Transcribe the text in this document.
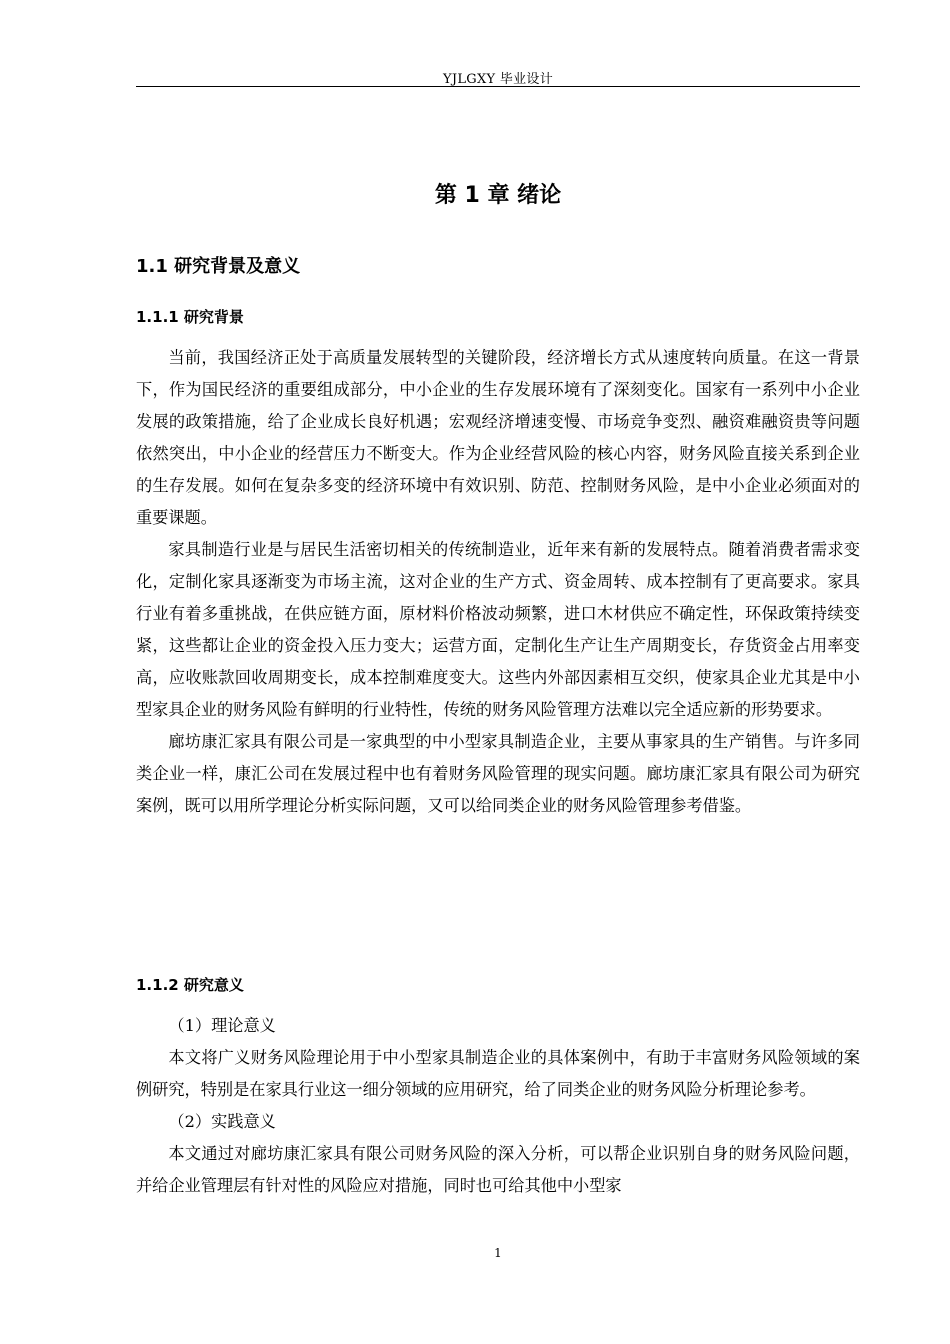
YJLGXY 毕业设计
第 1 章 绪论
1.1 研究背景及意义
1.1.1 研究背景

当前，我国经济正处于高质量发展转型的关键阶段，经济增长方式从速度转向质量。在这一背景下，作为国民经济的重要组成部分，中小企业的生存发展环境有了深刻变化。国家有一系列中小企业发展的政策措施，给了企业成长良好机遇；宏观经济增速变慢、市场竞争变烈、融资难融资贵等问题依然突出，中小企业的经营压力不断变大。作为企业经营风险的核心内容，财务风险直接关系到企业的生存发展。如何在复杂多变的经济环境中有效识别、防范、控制财务风险，是中小企业必须面对的重要课题。

家具制造行业是与居民生活密切相关的传统制造业，近年来有新的发展特点。随着消费者需求变化，定制化家具逐渐变为市场主流，这对企业的生产方式、资金周转、成本控制有了更高要求。家具行业有着多重挑战，在供应链方面，原材料价格波动频繁，进口木材供应不确定性，环保政策持续变紧，这些都让企业的资金投入压力变大；运营方面，定制化生产让生产周期变长，存货资金占用率变高，应收账款回收周期变长，成本控制难度变大。这些内外部因素相互交织，使家具企业尤其是中小型家具企业的财务风险有鲜明的行业特性，传统的财务风险管理方法难以完全适应新的形势要求。

廊坊康汇家具有限公司是一家典型的中小型家具制造企业，主要从事家具的生产销售。与许多同类企业一样，康汇公司在发展过程中也有着财务风险管理的现实问题。廊坊康汇家具有限公司为研究案例，既可以用所学理论分析实际问题，又可以给同类企业的财务风险管理参考借鉴。

1.1.2 研究意义

（1）理论意义

本文将广义财务风险理论用于中小型家具制造企业的具体案例中，有助于丰富财务风险领域的案例研究，特别是在家具行业这一细分领域的应用研究，给了同类企业的财务风险分析理论参考。

（2）实践意义

本文通过对廊坊康汇家具有限公司财务风险的深入分析，可以帮企业识别自身的财务风险问题，并给企业管理层有针对性的风险应对措施，同时也可给其他中小型家

1
